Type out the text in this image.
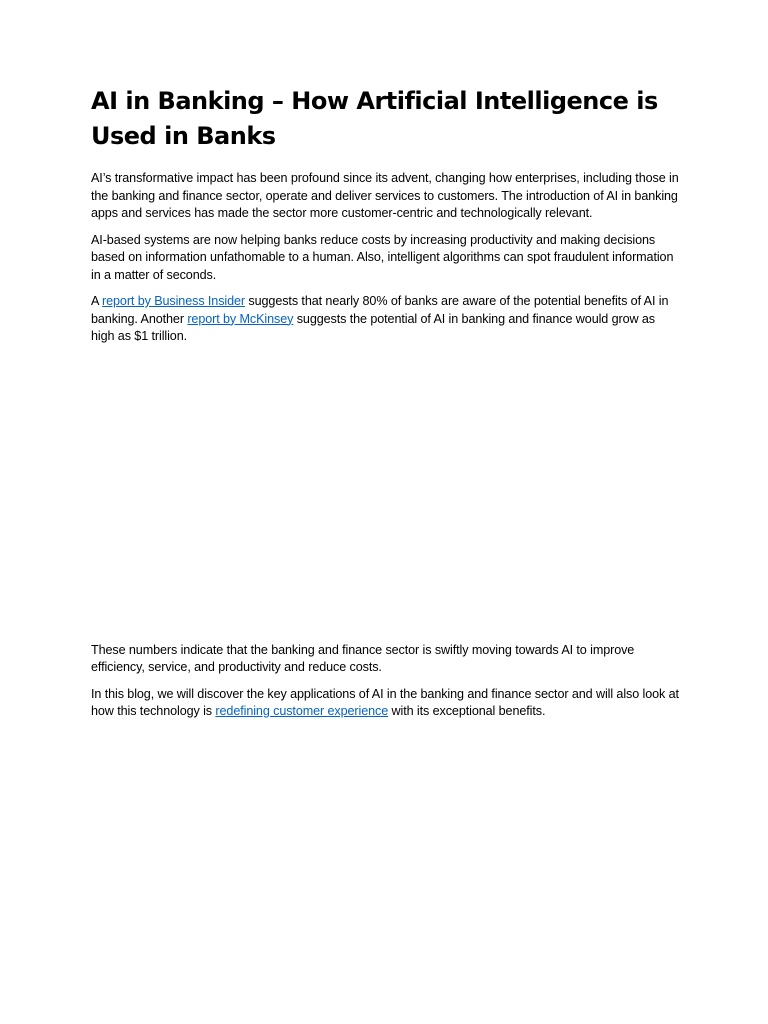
AI in Banking – How Artificial Intelligence is Used in Banks

AI’s transformative impact has been profound since its advent, changing how enterprises, including those in the banking and finance sector, operate and deliver services to customers. The introduction of AI in banking apps and services has made the sector more customer-centric and technologically relevant.

AI-based systems are now helping banks reduce costs by increasing productivity and making decisions based on information unfathomable to a human. Also, intelligent algorithms can spot fraudulent information in a matter of seconds.

A report by Business Insider suggests that nearly 80% of banks are aware of the potential benefits of AI in banking. Another report by McKinsey suggests the potential of AI in banking and finance would grow as high as $1 trillion.

These numbers indicate that the banking and finance sector is swiftly moving towards AI to improve efficiency, service, and productivity and reduce costs.

In this blog, we will discover the key applications of AI in the banking and finance sector and will also look at how this technology is redefining customer experience with its exceptional benefits.
